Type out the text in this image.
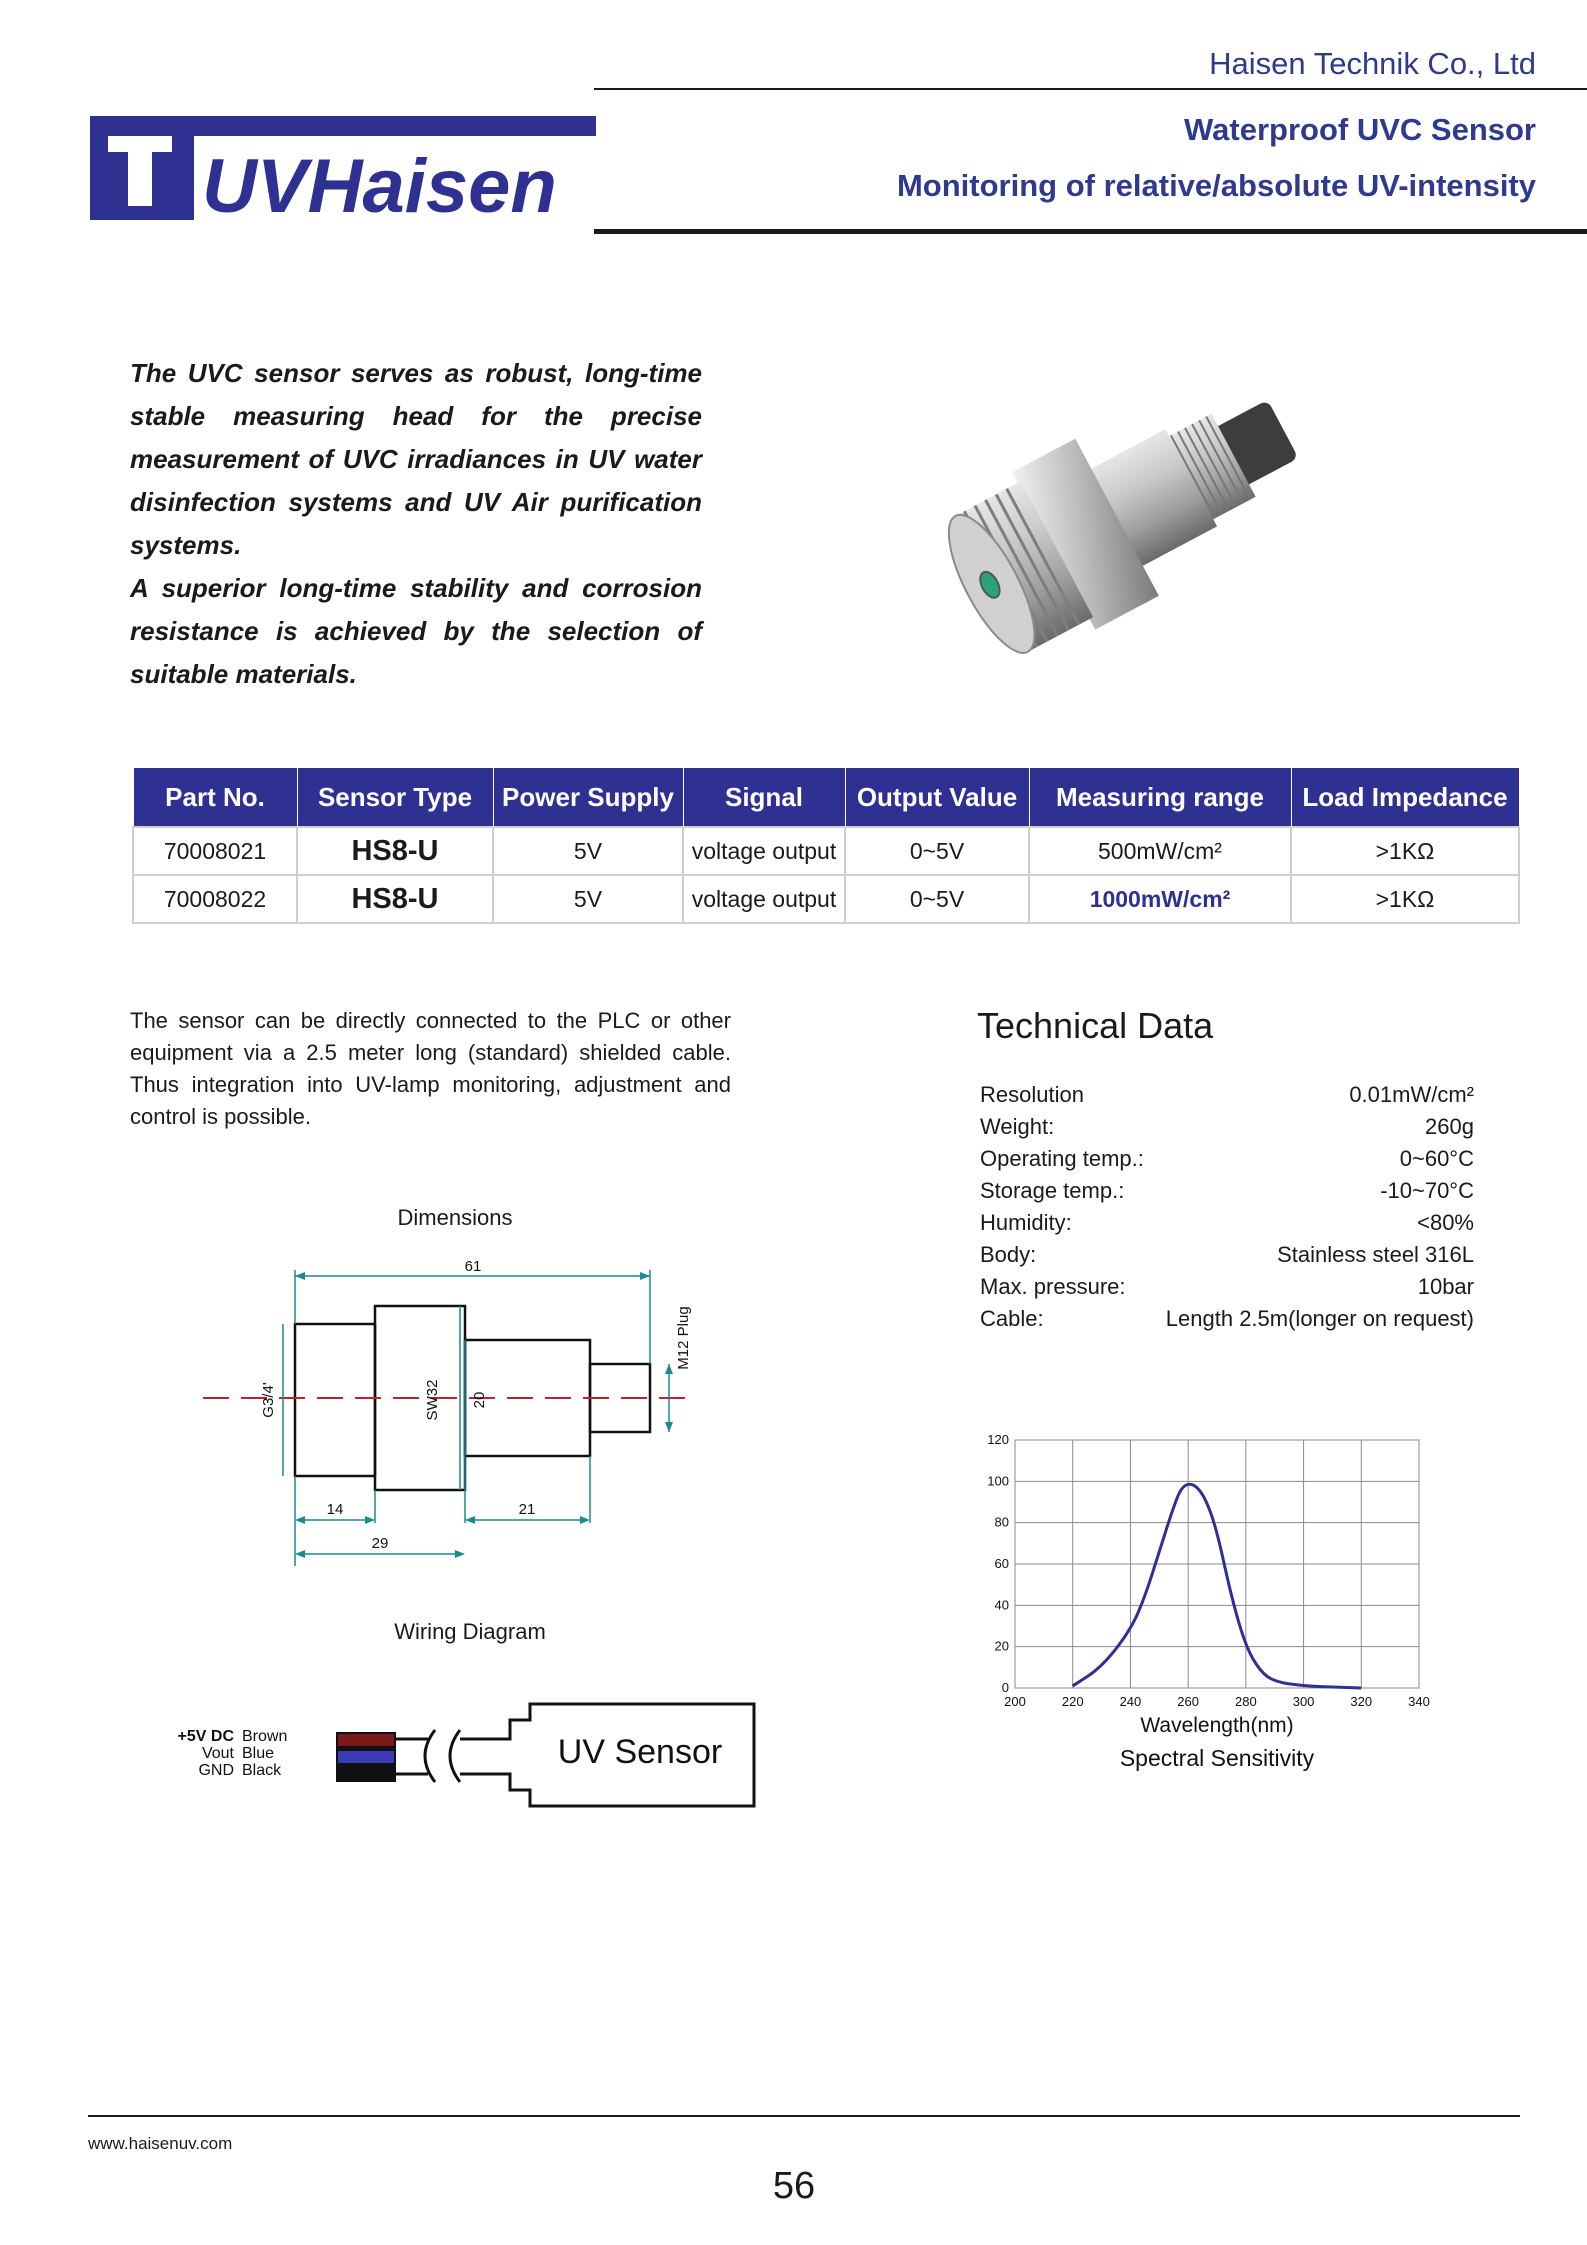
Haisen Technik Co., Ltd
Waterproof UVC Sensor
Monitoring of relative/absolute UV-intensity
UVHaisen

The UVC sensor serves as robust, long-time stable measuring head for the precise measurement of UVC irradiances in UV water disinfection systems and UV Air purification systems.

A superior long-time stability and corrosion resistance is achieved by the selection of suitable materials.

Part No.	Sensor Type	Power Supply	Signal	Output Value	Measuring range	Load Impedance
70008021	HS8-U	5V	voltage output	0~5V	500mW/cm²	>1KΩ
70008022	HS8-U	5V	voltage output	0~5V	1000mW/cm²	>1KΩ
The sensor can be directly connected to the PLC or other equipment via a 2.5 meter long (standard) shielded cable. Thus integration into UV-lamp monitoring, adjustment and control is possible.
Dimensions
61
M12 Plug
G3/4'	SW32 20
14	21
29
Wiring Diagram
+5V DC
Vout
GND
Brown
Blue
Black	UV Sensor
Technical Data
Resolution	0.01mW/cm²
Weight:	260g
Operating temp.:	0~60°C
Storage temp.:	-10~70°C
Humidity:	<80%
Body:	Stainless steel 316L
Max. pressure:	10bar
Cable:	Length 2.5m(longer on request)
200	220	240	260	280	300	320	340
0
20
40
60
80
100
120
Wavelength(nm)
Spectral Sensitivity
www.haisenuv.com
56
